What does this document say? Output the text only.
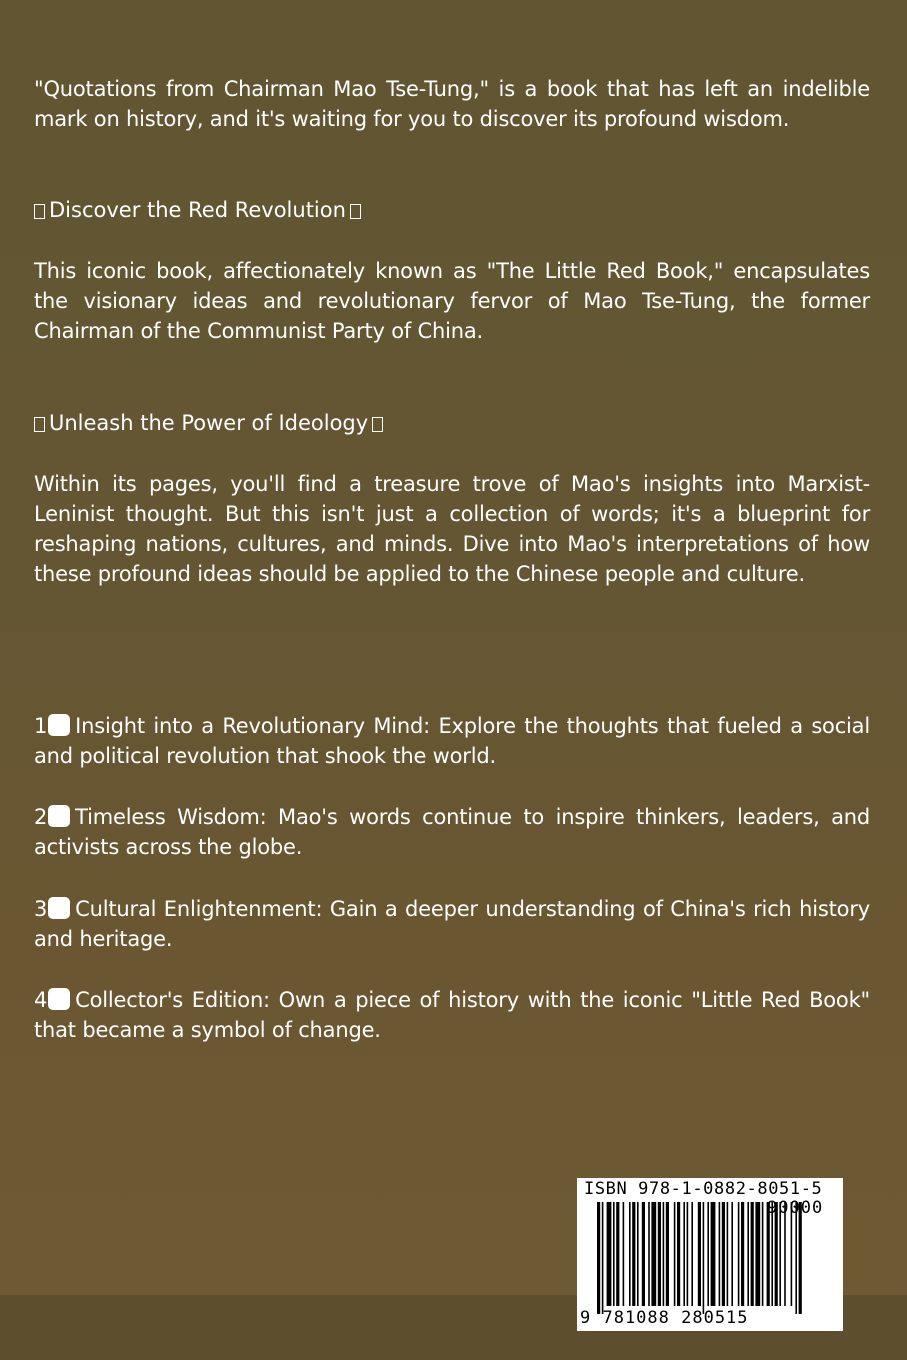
"Quotations from Chairman Mao Tse-Tung," is a book that has left an indelible mark on history, and it's waiting for you to discover its profound wisdom.
Discover the Red Revolution
This iconic book, affectionately known as "The Little Red Book," encapsulates the visionary ideas and revolutionary fervor of Mao Tse-Tung, the former Chairman of the Communist Party of China.
Unleash the Power of Ideology
Within its pages, you'll find a treasure trove of Mao's insights into Marxist-Leninist thought. But this isn't just a collection of words; it's a blueprint for reshaping nations, cultures, and minds. Dive into Mao's interpretations of how these profound ideas should be applied to the Chinese people and culture.
1 Insight into a Revolutionary Mind: Explore the thoughts that fueled a social and political revolution that shook the world.
2 Timeless Wisdom: Mao's words continue to inspire thinkers, leaders, and activists across the globe.
3 Cultural Enlightenment: Gain a deeper understanding of China's rich history and heritage.
4 Collector's Edition: Own a piece of history with the iconic "Little Red Book" that became a symbol of change.
ISBN 978-1-0882-8051-5
90000
9 781088 280515
